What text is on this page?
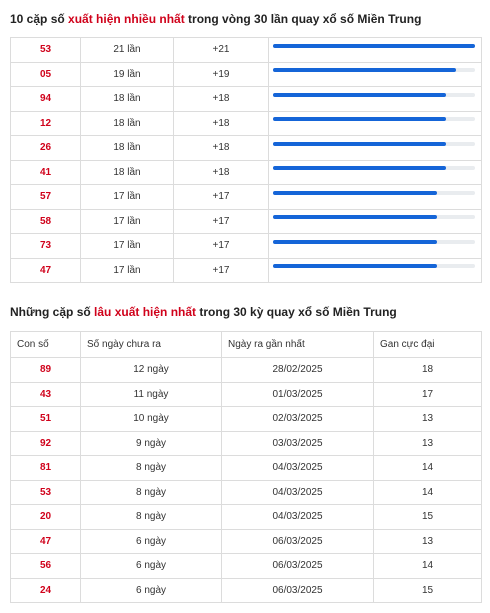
10 cặp số xuất hiện nhiều nhất trong vòng 30 lần quay xổ số Miền Trung
53	21 lần	+21	

05	19 lần	+19	

94	18 lần	+18	

12	18 lần	+18	

26	18 lần	+18	

41	18 lần	+18	

57	17 lần	+17	

58	17 lần	+17	

73	17 lần	+17	

47	17 lần	+17	
Những cặp số lâu xuất hiện nhất trong 30 kỳ quay xổ số Miền Trung
Con số	Số ngày chưa ra	Ngày ra gần nhất	Gan cực đại
89	12 ngày	28/02/2025	18
43	11 ngày	01/03/2025	17
51	10 ngày	02/03/2025	13
92	9 ngày	03/03/2025	13
81	8 ngày	04/03/2025	14
53	8 ngày	04/03/2025	14
20	8 ngày	04/03/2025	15
47	6 ngày	06/03/2025	13
56	6 ngày	06/03/2025	14
24	6 ngày	06/03/2025	15
